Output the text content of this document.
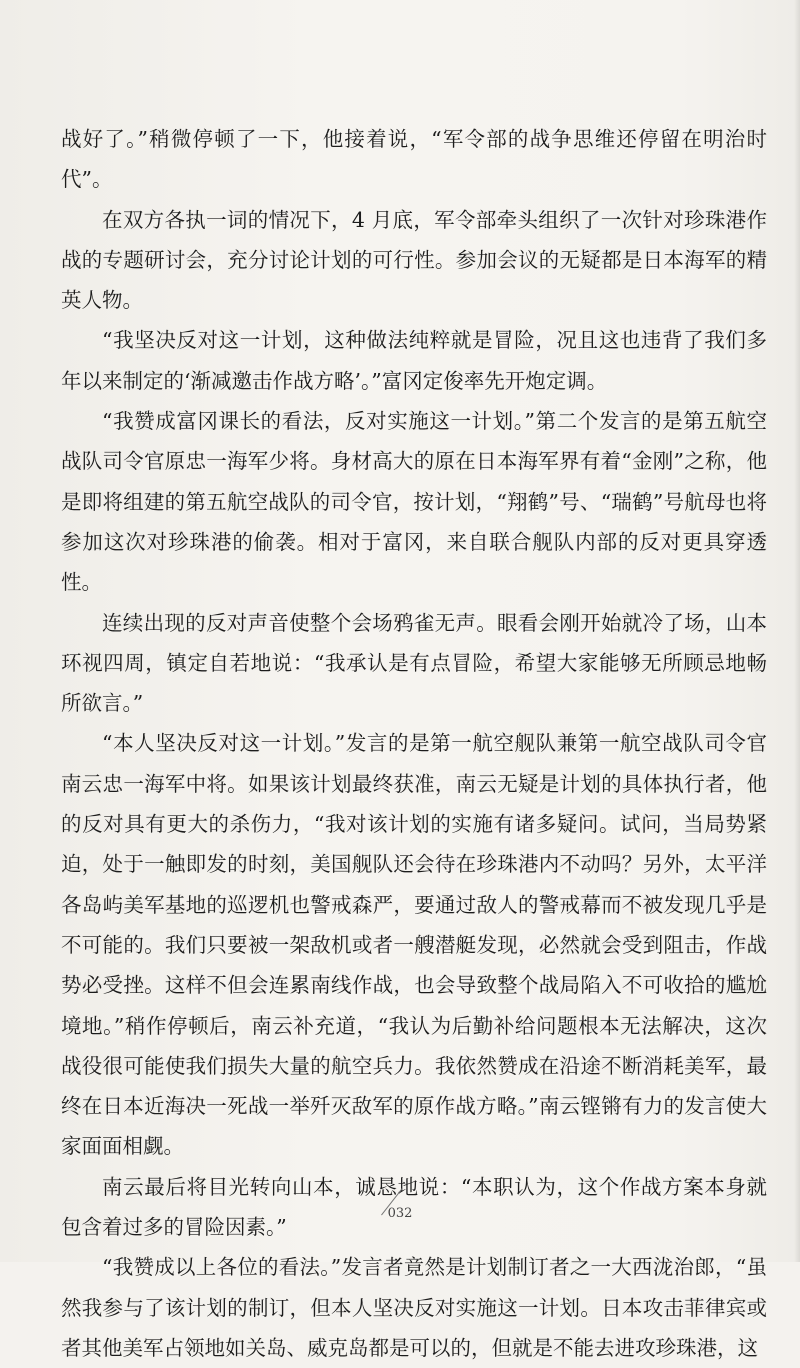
战好了。”稍微停顿了一下，他接着说，“军令部的战争思维还停留在明治时代”。

在双方各执一词的情况下，4 月底，军令部牵头组织了一次针对珍珠港作战的专题研讨会，充分讨论计划的可行性。参加会议的无疑都是日本海军的精英人物。

“我坚决反对这一计划，这种做法纯粹就是冒险，况且这也违背了我们多年以来制定的‘渐减邀击作战方略’。”富冈定俊率先开炮定调。

“我赞成富冈课长的看法，反对实施这一计划。”第二个发言的是第五航空战队司令官原忠一海军少将。身材高大的原在日本海军界有着“金刚”之称，他是即将组建的第五航空战队的司令官，按计划，“翔鹤”号、“瑞鹤”号航母也将参加这次对珍珠港的偷袭。相对于富冈，来自联合舰队内部的反对更具穿透性。

连续出现的反对声音使整个会场鸦雀无声。眼看会刚开始就冷了场，山本环视四周，镇定自若地说：“我承认是有点冒险，希望大家能够无所顾忌地畅所欲言。”

“本人坚决反对这一计划。”发言的是第一航空舰队兼第一航空战队司令官南云忠一海军中将。如果该计划最终获准，南云无疑是计划的具体执行者，他的反对具有更大的杀伤力，“我对该计划的实施有诸多疑问。试问，当局势紧迫，处于一触即发的时刻，美国舰队还会待在珍珠港内不动吗？另外，太平洋各岛屿美军基地的巡逻机也警戒森严，要通过敌人的警戒幕而不被发现几乎是不可能的。我们只要被一架敌机或者一艘潜艇发现，必然就会受到阻击，作战势必受挫。这样不但会连累南线作战，也会导致整个战局陷入不可收拾的尴尬境地。”稍作停顿后，南云补充道，“我认为后勤补给问题根本无法解决，这次战役很可能使我们损失大量的航空兵力。我依然赞成在沿途不断消耗美军，最终在日本近海决一死战一举歼灭敌军的原作战方略。”南云铿锵有力的发言使大家面面相觑。

南云最后将目光转向山本，诚恳地说：“本职认为，这个作战方案本身就包含着过多的冒险因素。”

“我赞成以上各位的看法。”发言者竟然是计划制订者之一大西泷治郎，“虽然我参与了该计划的制订，但本人坚决反对实施这一计划。日本攻击菲律宾或者其他美军占领地如关岛、威克岛都是可以的，但就是不能去进攻珍珠港，这

032
